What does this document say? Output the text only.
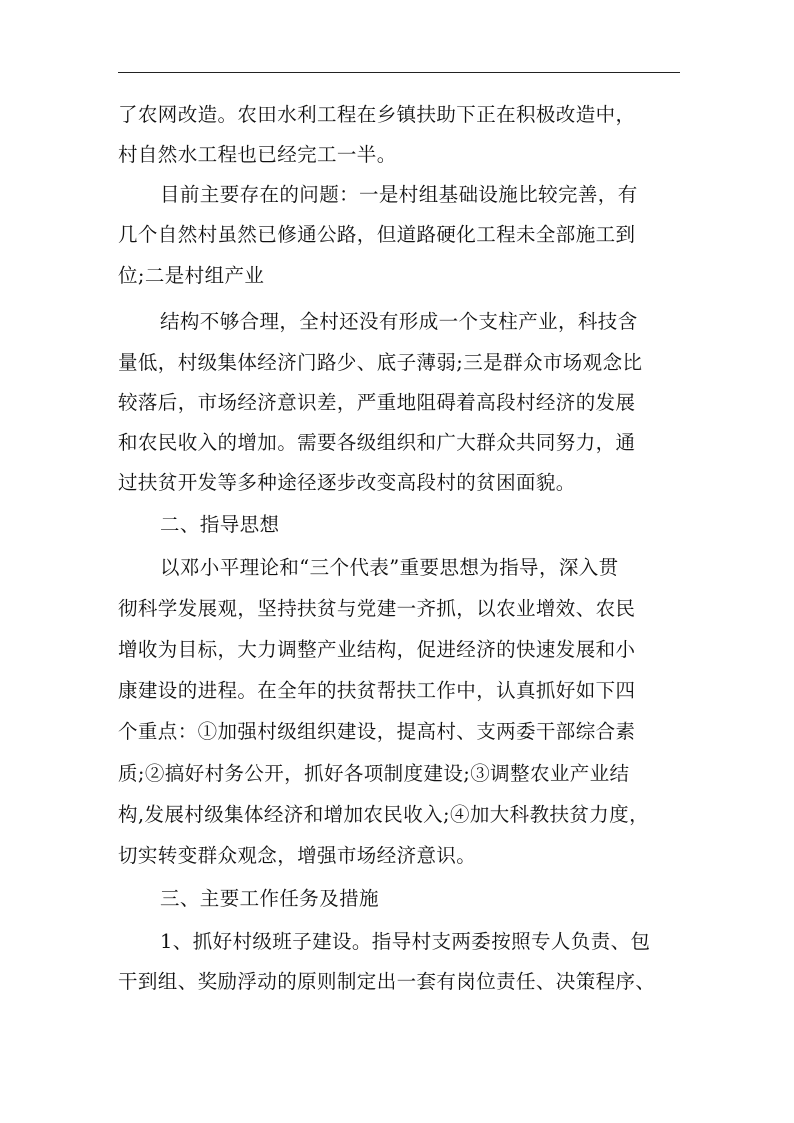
了农网改造。农田水利工程在乡镇扶助下正在积极改造中，
村自然水工程也已经完工一半。
目前主要存在的问题：一是村组基础设施比较完善，有
几个自然村虽然已修通公路，但道路硬化工程未全部施工到
位;二是村组产业
结构不够合理，全村还没有形成一个支柱产业，科技含
量低，村级集体经济门路少、底子薄弱;三是群众市场观念比
较落后，市场经济意识差，严重地阻碍着高段村经济的发展
和农民收入的增加。需要各级组织和广大群众共同努力，通
过扶贫开发等多种途径逐步改变高段村的贫困面貌。
二、指导思想
以邓小平理论和“三个代表”重要思想为指导，深入贯
彻科学发展观，坚持扶贫与党建一齐抓，以农业增效、农民
增收为目标，大力调整产业结构，促进经济的快速发展和小
康建设的进程。在全年的扶贫帮扶工作中，认真抓好如下四
个重点：①加强村级组织建设，提高村、支两委干部综合素
质;②搞好村务公开，抓好各项制度建设;③调整农业产业结
构,发展村级集体经济和增加农民收入;④加大科教扶贫力度，
切实转变群众观念，增强市场经济意识。
三、主要工作任务及措施
1、抓好村级班子建设。指导村支两委按照专人负责、包
干到组、奖励浮动的原则制定出一套有岗位责任、决策程序、
